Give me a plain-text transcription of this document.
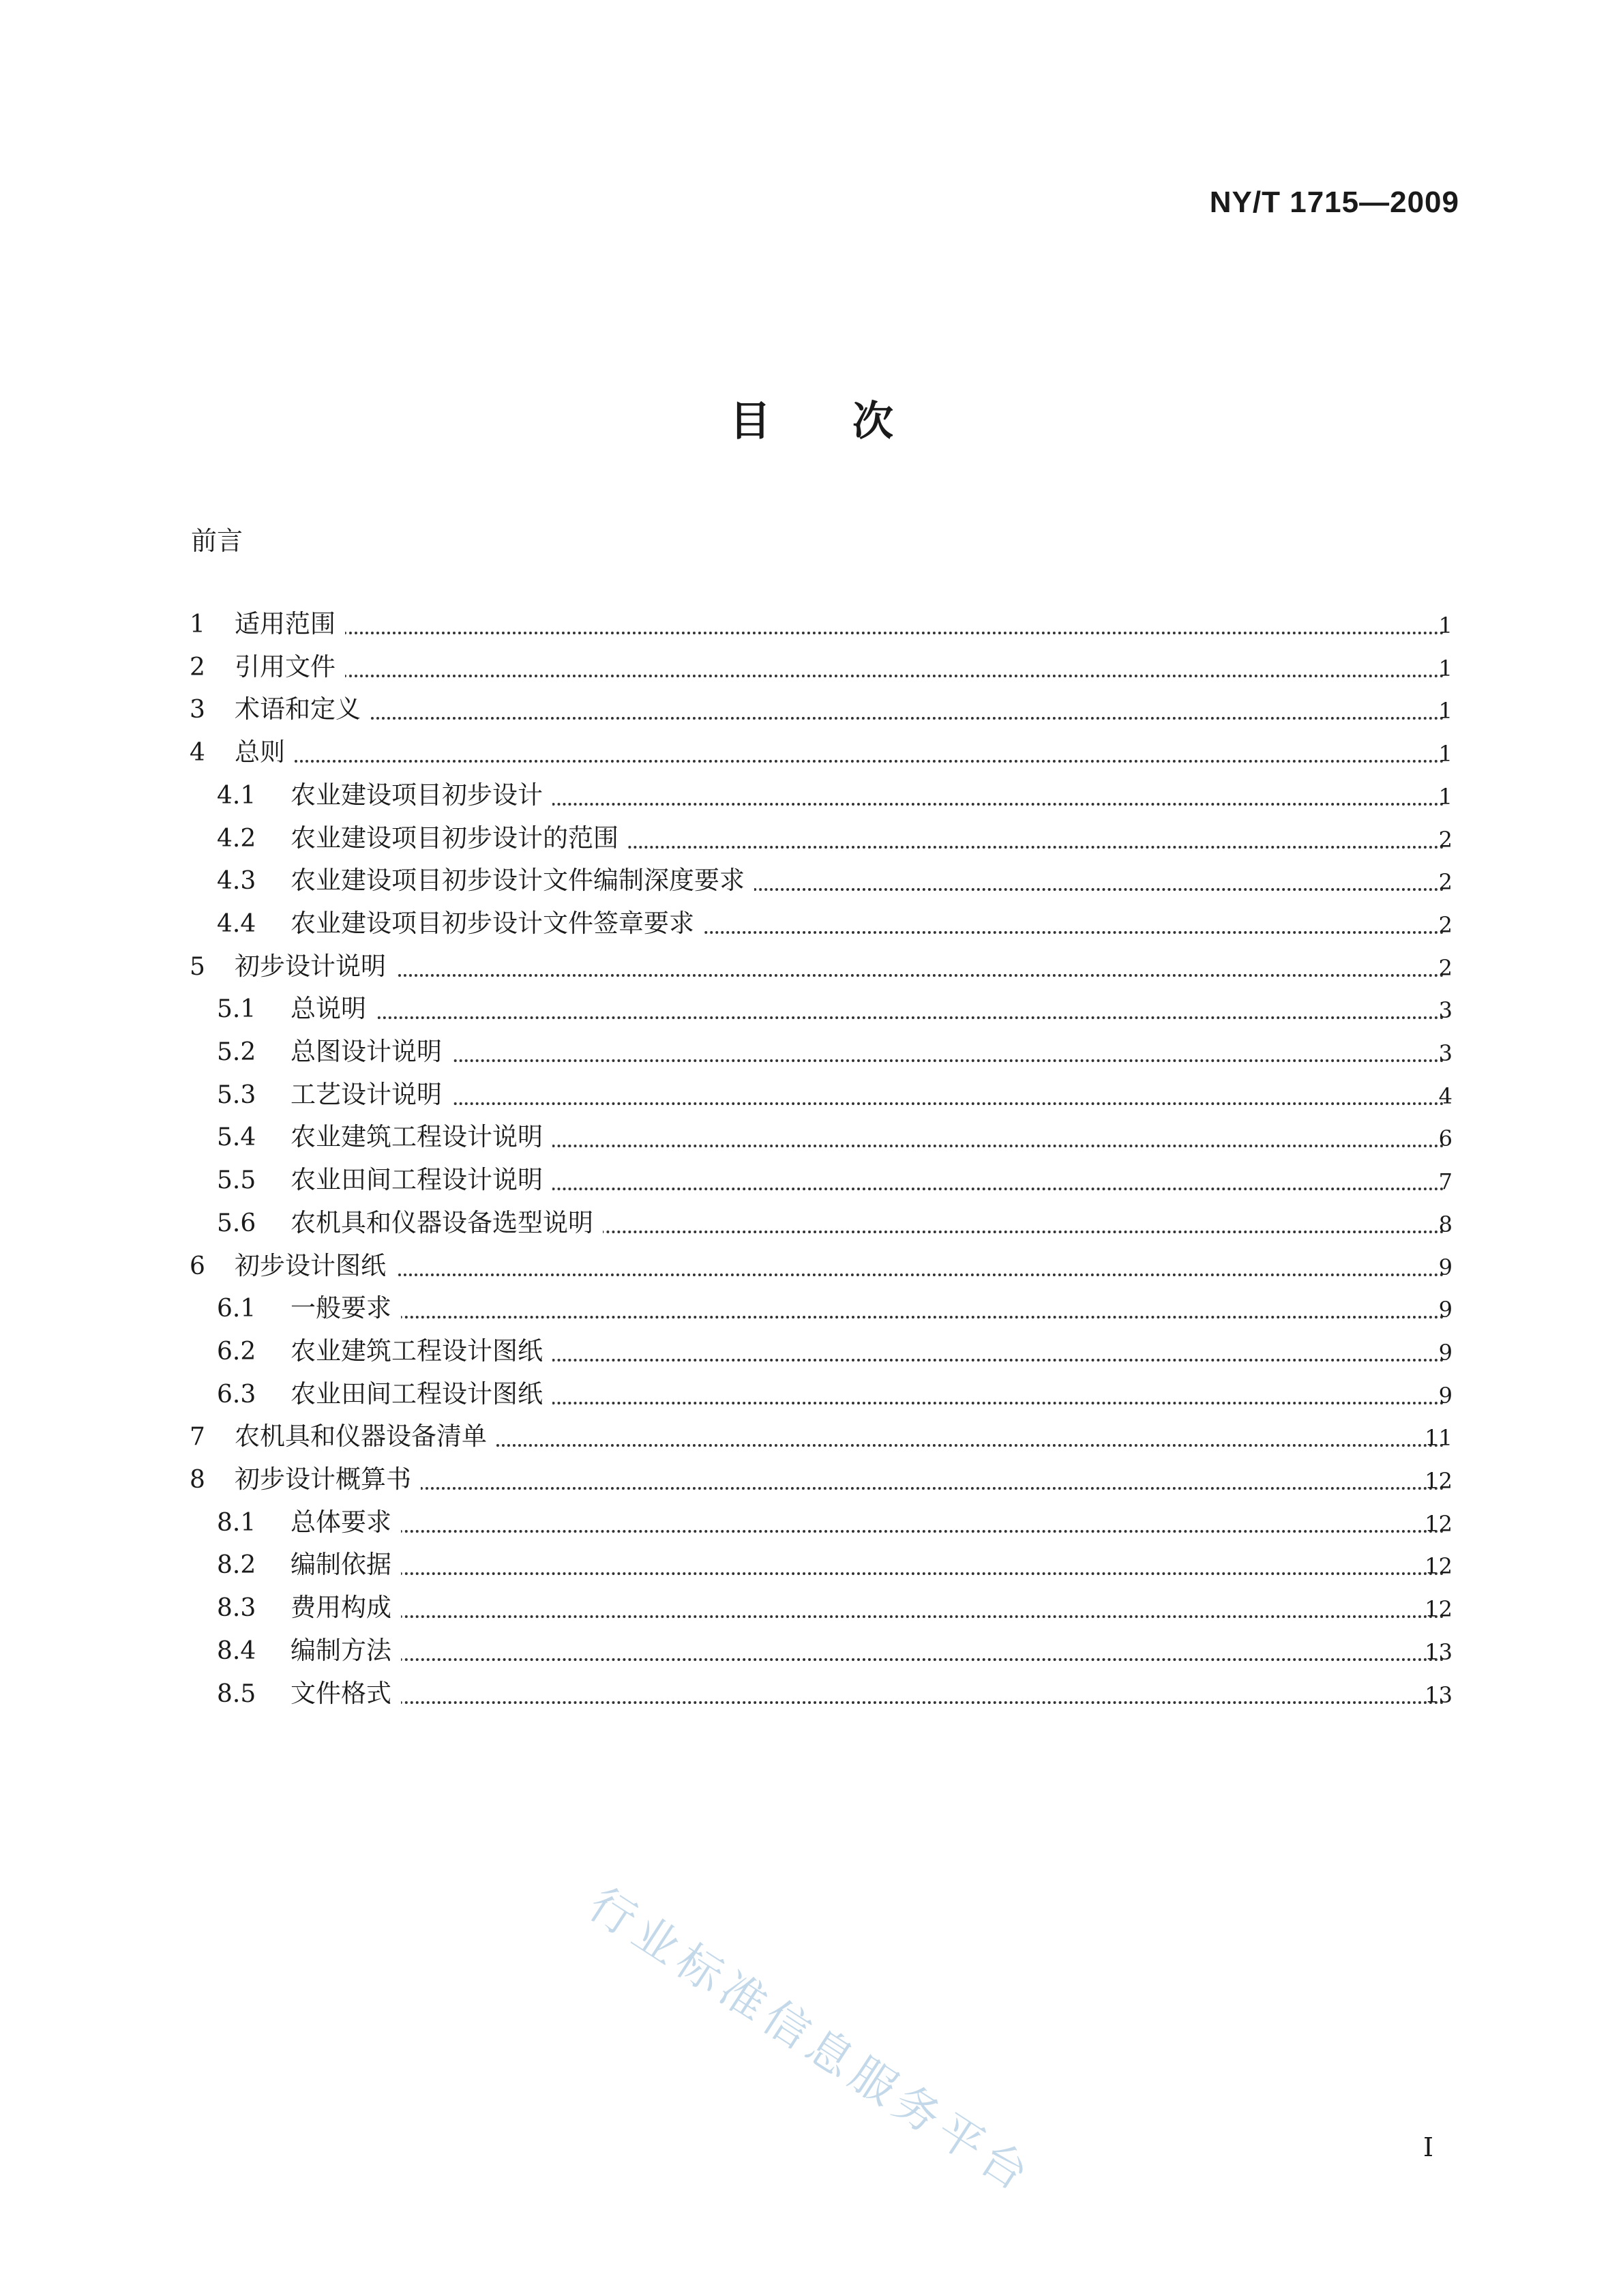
NY/T 1715—2009
目次
前言
1 适用范围	1
2 引用文件	1
3 术语和定义	1
4 总则	1
4.1 农业建设项目初步设计	1
4.2 农业建设项目初步设计的范围	2
4.3 农业建设项目初步设计文件编制深度要求	2
4.4 农业建设项目初步设计文件签章要求	2
5 初步设计说明	2
5.1 总说明	3
5.2 总图设计说明	3
5.3 工艺设计说明	4
5.4 农业建筑工程设计说明	6
5.5 农业田间工程设计说明	7
5.6 农机具和仪器设备选型说明	8
6 初步设计图纸	9
6.1 一般要求	9
6.2 农业建筑工程设计图纸	9
6.3 农业田间工程设计图纸	9
7 农机具和仪器设备清单	11
8 初步设计概算书	12
8.1 总体要求	12
8.2 编制依据	12
8.3 费用构成	12
8.4 编制方法	13
8.5 文件格式	13
行业标准信息服务平台	I
